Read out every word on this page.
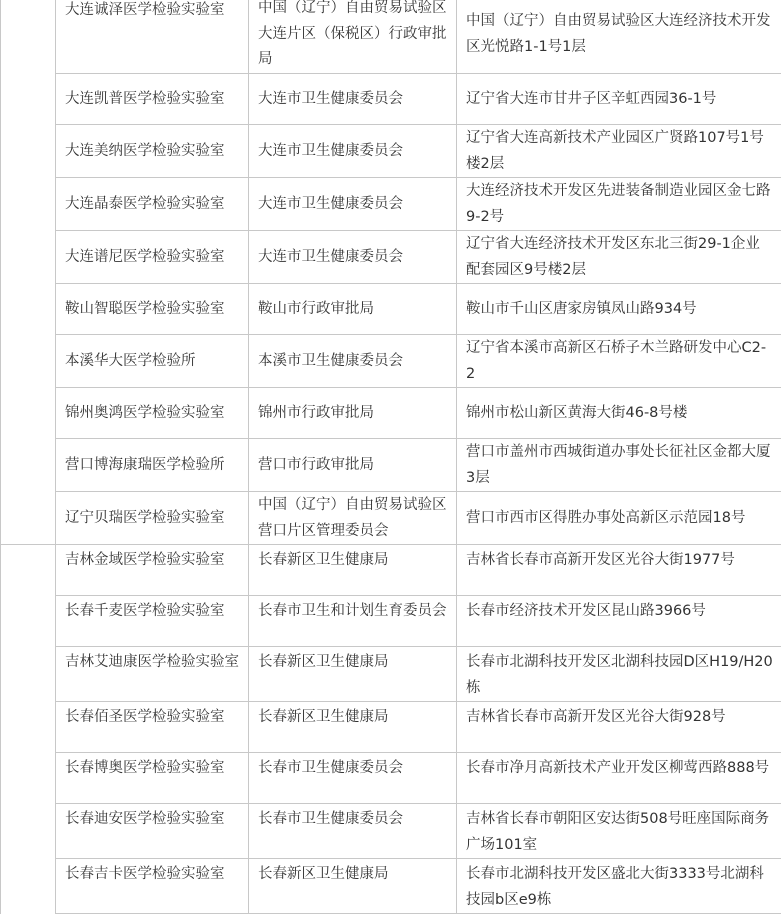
	大连诚泽医学检验实验室	中国（辽宁）自由贸易试验区大连片区（保税区）行政审批局	中国（辽宁）自由贸易试验区大连经济技术开发区光悦路1-1号1层
	大连凯普医学检验实验室	大连市卫生健康委员会	辽宁省大连市甘井子区辛虹西园36-1号
	大连美纳医学检验实验室	大连市卫生健康委员会	辽宁省大连高新技术产业园区广贤路107号1号楼2层
	大连晶泰医学检验实验室	大连市卫生健康委员会	大连经济技术开发区先进装备制造业园区金七路9-2号
	大连谱尼医学检验实验室	大连市卫生健康委员会	辽宁省大连经济技术开发区东北三街29-1企业配套园区9号楼2层
	鞍山智聪医学检验实验室	鞍山市行政审批局	鞍山市千山区唐家房镇凤山路934号
	本溪华大医学检验所	本溪市卫生健康委员会	辽宁省本溪市高新区石桥子木兰路研发中心C2-2
	锦州奥鸿医学检验实验室	锦州市行政审批局	锦州市松山新区黄海大街46-8号楼
	营口博海康瑞医学检验所	营口市行政审批局	营口市盖州市西城街道办事处长征社区金都大厦3层
	辽宁贝瑞医学检验实验室	中国（辽宁）自由贸易试验区营口片区管理委员会	营口市西市区得胜办事处高新区示范园18号
	吉林金域医学检验实验室	长春新区卫生健康局	吉林省长春市高新开发区光谷大街1977号
	长春千麦医学检验实验室	长春市卫生和计划生育委员会	长春市经济技术开发区昆山路3966号
	吉林艾迪康医学检验实验室	长春新区卫生健康局	长春市北湖科技开发区北湖科技园D区H19/H20栋
	长春佰圣医学检验实验室	长春新区卫生健康局	吉林省长春市高新开发区光谷大街928号
	长春博奥医学检验实验室	长春市卫生健康委员会	长春市净月高新技术产业开发区柳莺西路888号
	长春迪安医学检验实验室	长春市卫生健康委员会	吉林省长春市朝阳区安达街508号旺座国际商务广场101室
	长春吉卡医学检验实验室	长春新区卫生健康局	长春市北湖科技开发区盛北大街3333号北湖科技园b区e9栋
